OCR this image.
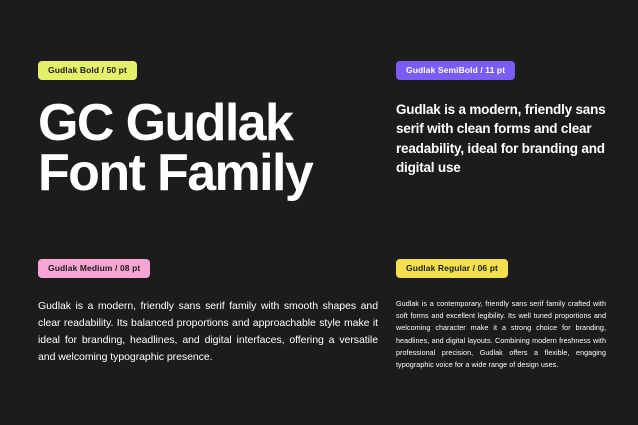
Gudlak Bold / 50 pt
GC Gudlak
Font Family
Gudlak SemiBold / 11 pt

Gudlak is a modern, friendly sans serif with clean forms and clear readability, ideal for branding and digital use

Gudlak Medium / 08 pt

Gudlak is a modern, friendly sans serif family with smooth shapes and clear readability. Its balanced proportions and approachable style make it ideal for branding, headlines, and digital interfaces, offering a versatile and welcoming typographic presence.

Gudlak Regular / 06 pt

Gudlak is a contemporary, friendly sans serif family crafted with soft forms and excellent legibility. Its well tuned proportions and welcoming character make it a strong choice for branding, headlines, and digital layouts. Combining modern freshness with professional precision, Gudlak offers a flexible, engaging typographic voice for a wide range of design uses.
